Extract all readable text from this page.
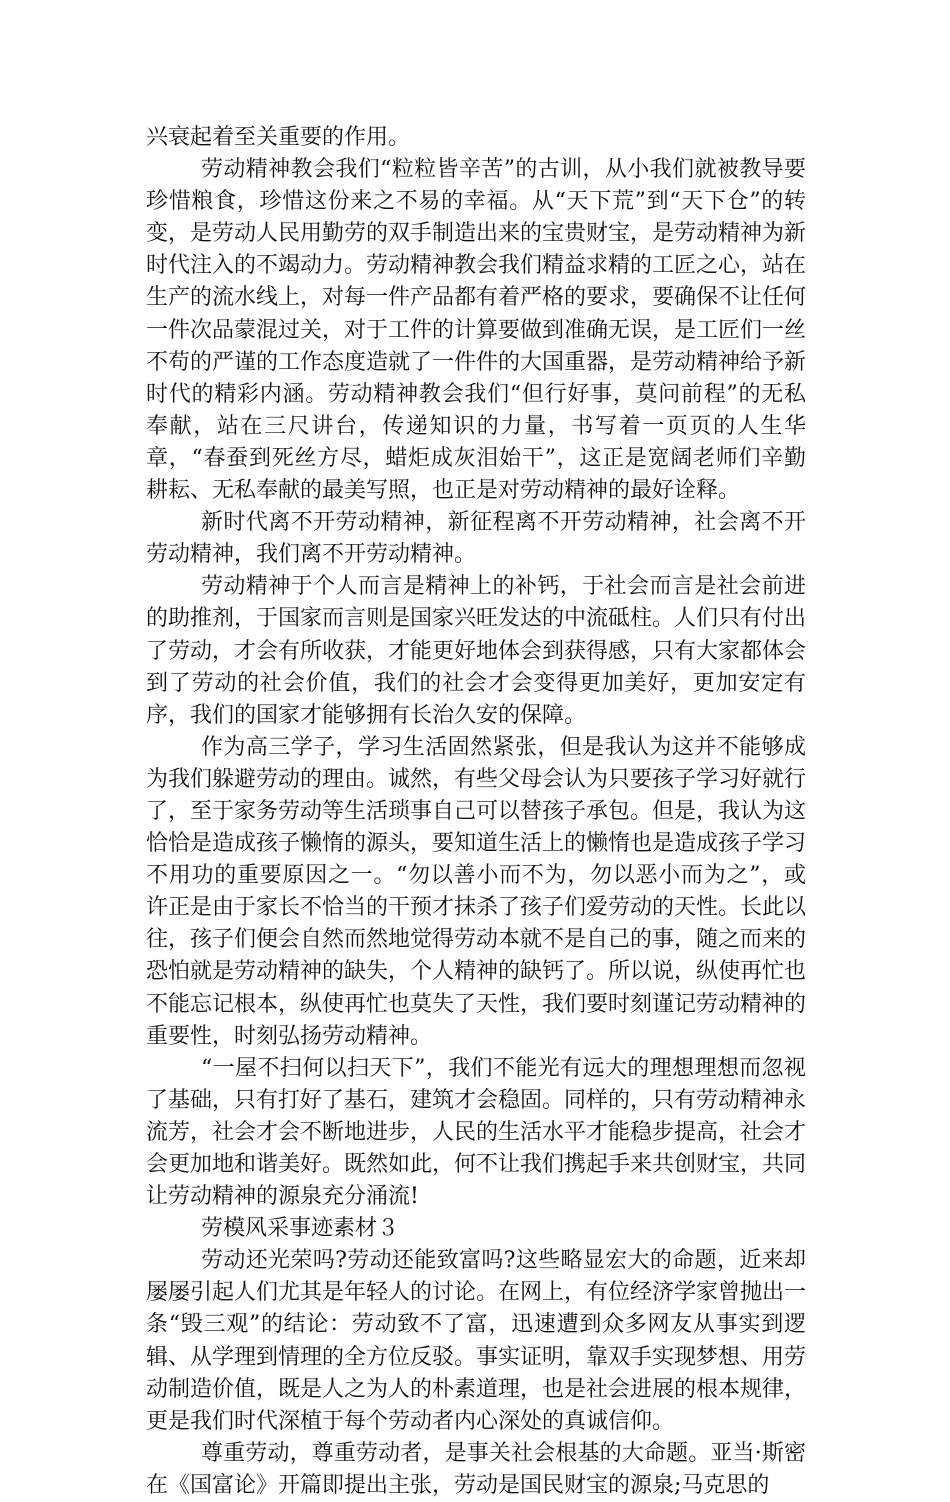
兴衰起着至关重要的作用。

劳动精神教会我们“粒粒皆辛苦”的古训，从小我们就被教导要珍惜粮食，珍惜这份来之不易的幸福。从“天下荒”到“天下仓”的转变，是劳动人民用勤劳的双手制造出来的宝贵财宝，是劳动精神为新时代注入的不竭动力。劳动精神教会我们精益求精的工匠之心，站在生产的流水线上，对每一件产品都有着严格的要求，要确保不让任何一件次品蒙混过关，对于工件的计算要做到准确无误，是工匠们一丝不苟的严谨的工作态度造就了一件件的大国重器，是劳动精神给予新时代的精彩内涵。劳动精神教会我们“但行好事，莫问前程”的无私奉献，站在三尺讲台，传递知识的力量，书写着一页页的人生华章，“春蚕到死丝方尽，蜡炬成灰泪始干”，这正是宽阔老师们辛勤耕耘、无私奉献的最美写照，也正是对劳动精神的最好诠释。

新时代离不开劳动精神，新征程离不开劳动精神，社会离不开劳动精神，我们离不开劳动精神。

劳动精神于个人而言是精神上的补钙，于社会而言是社会前进的助推剂，于国家而言则是国家兴旺发达的中流砥柱。人们只有付出了劳动，才会有所收获，才能更好地体会到获得感，只有大家都体会到了劳动的社会价值，我们的社会才会变得更加美好，更加安定有序，我们的国家才能够拥有长治久安的保障。

作为高三学子，学习生活固然紧张，但是我认为这并不能够成为我们躲避劳动的理由。诚然，有些父母会认为只要孩子学习好就行了，至于家务劳动等生活琐事自己可以替孩子承包。但是，我认为这恰恰是造成孩子懒惰的源头，要知道生活上的懒惰也是造成孩子学习不用功的重要原因之一。“勿以善小而不为，勿以恶小而为之”，或许正是由于家长不恰当的干预才抹杀了孩子们爱劳动的天性。长此以往，孩子们便会自然而然地觉得劳动本就不是自己的事，随之而来的恐怕就是劳动精神的缺失，个人精神的缺钙了。所以说，纵使再忙也不能忘记根本，纵使再忙也莫失了天性，我们要时刻谨记劳动精神的重要性，时刻弘扬劳动精神。

“一屋不扫何以扫天下”，我们不能光有远大的理想理想而忽视了基础，只有打好了基石，建筑才会稳固。同样的，只有劳动精神永流芳，社会才会不断地进步，人民的生活水平才能稳步提高，社会才会更加地和谐美好。既然如此，何不让我们携起手来共创财宝，共同让劳动精神的源泉充分涌流!

劳模风采事迹素材３

劳动还光荣吗?劳动还能致富吗?这些略显宏大的命题，近来却屡屡引起人们尤其是年轻人的讨论。在网上，有位经济学家曾抛出一条“毁三观”的结论：劳动致不了富，迅速遭到众多网友从事实到逻辑、从学理到情理的全方位反驳。事实证明，靠双手实现梦想、用劳动制造价值，既是人之为人的朴素道理，也是社会进展的根本规律，更是我们时代深植于每个劳动者内心深处的真诚信仰。

尊重劳动，尊重劳动者，是事关社会根基的大命题。亚当·斯密在《国富论》开篇即提出主张，劳动是国民财宝的源泉;马克思的
